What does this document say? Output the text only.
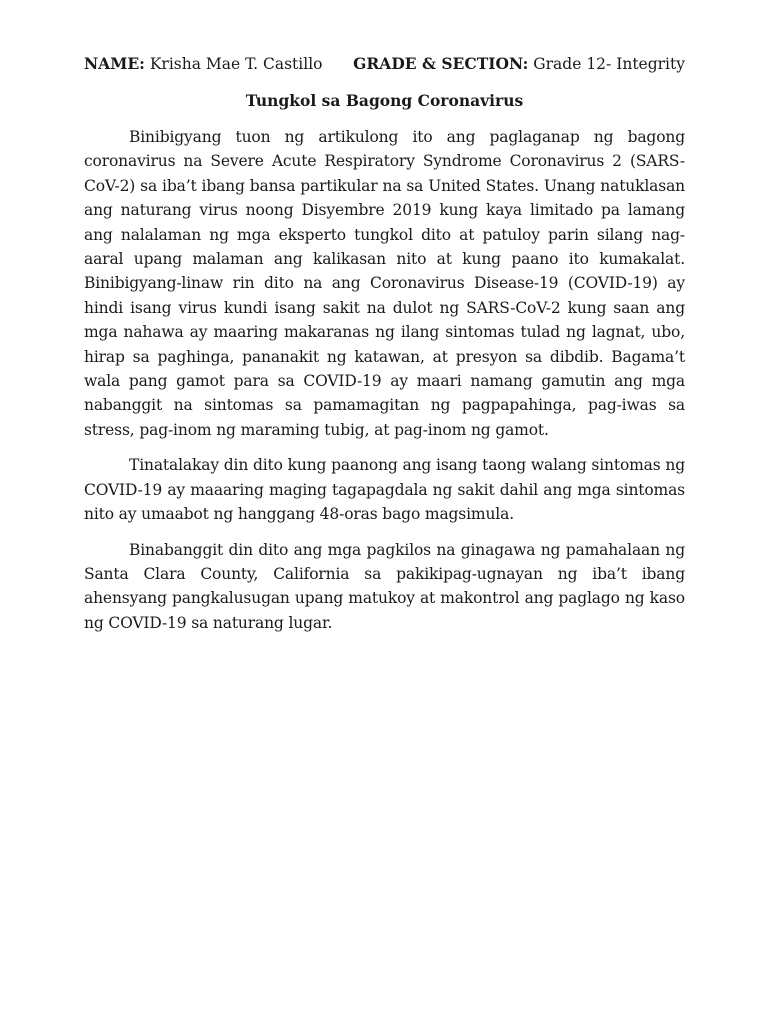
NAME: Krisha Mae T. Castillo GRADE & SECTION: Grade 12- Integrity
Tungkol sa Bagong Coronavirus

Binibigyang tuon ng artikulong ito ang paglaganap ng bagong coronavirus na Severe Acute Respiratory Syndrome Coronavirus 2 (SARS-CoV-2) sa iba’t ibang bansa partikular na sa United States. Unang natuklasan ang naturang virus noong Disyembre 2019 kung kaya limitado pa lamang ang nalalaman ng mga eksperto tungkol dito at patuloy parin silang nag-aaral upang malaman ang kalikasan nito at kung paano ito kumakalat. Binibigyang-linaw rin dito na ang Coronavirus Disease-19 (COVID-19) ay hindi isang virus kundi isang sakit na dulot ng SARS-CoV-2 kung saan ang mga nahawa ay maaring makaranas ng ilang sintomas tulad ng lagnat, ubo, hirap sa paghinga, pananakit ng katawan, at presyon sa dibdib. Bagama’t wala pang gamot para sa COVID-19 ay maari namang gamutin ang mga nabanggit na sintomas sa pamamagitan ng pagpapahinga, pag-iwas sa stress, pag-inom ng maraming tubig, at pag-inom ng gamot.

Tinatalakay din dito kung paanong ang isang taong walang sintomas ng COVID-19 ay maaaring maging tagapagdala ng sakit dahil ang mga sintomas nito ay umaabot ng hanggang 48-oras bago magsimula.

Binabanggit din dito ang mga pagkilos na ginagawa ng pamahalaan ng Santa Clara County, California sa pakikipag-ugnayan ng iba’t ibang ahensyang pangkalusugan upang matukoy at makontrol ang paglago ng kaso ng COVID-19 sa naturang lugar.
